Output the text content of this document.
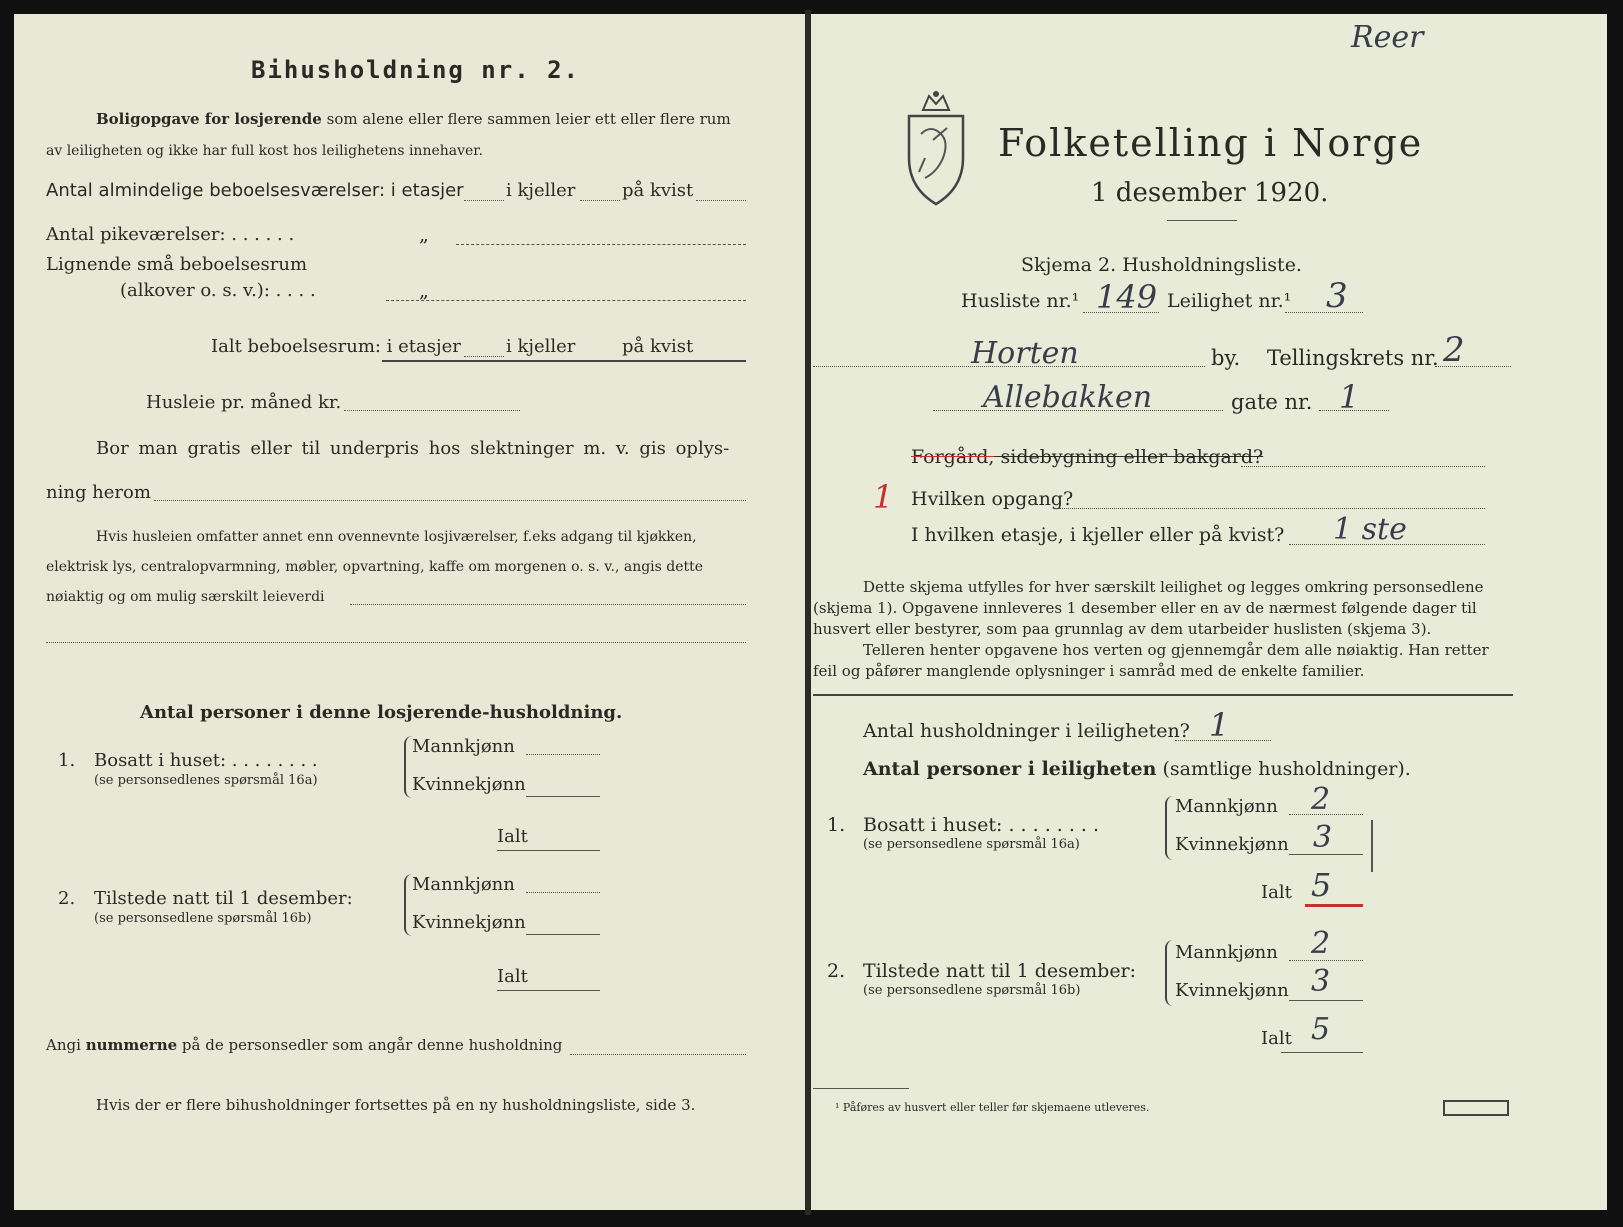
Bihusholdning nr. 2.
Boligopgave for losjerende som alene eller flere sammen leier ett eller flere rum
av leiligheten og ikke har full kost hos leilighetens innehaver.
Antal almindelige beboelsesværelser: i etasjer i kjeller	på kvist
Antal pikeværelser: . . . . . .	„
Lignende små beboelsesrum
(alkover o. s. v.): . . . .	„
Ialt beboelsesrum: i etasjer	i kjeller	på kvist
Husleie pr. måned kr.
Bor man gratis eller til underpris hos slektninger m. v. gis oplys-
ning herom
Hvis husleien omfatter annet enn ovennevnte losjiværelser, f.eks adgang til kjøkken,
elektrisk lys, centralopvarmning, møbler, opvartning, kaffe om morgenen o. s. v., angis dette
nøiaktig og om mulig særskilt leieverdi
Antal personer i denne losjerende-husholdning.
1. Bosatt i huset: . . . . . . . .
(se personsedlenes spørsmål 16a)
Mannkjønn
Kvinnekjønn
Ialt
2. Tilstede natt til 1 desember:
(se personsedlene spørsmål 16b)
Mannkjønn
Kvinnekjønn
Ialt
Angi nummerne på de personsedler som angår denne husholdning
Hvis der er flere bihusholdninger fortsettes på en ny husholdningsliste, side 3.
Reer
Folketelling i Norge
1 desember 1920.
Skjema 2. Husholdningsliste.
Husliste nr.¹ 149 Leilighet nr.¹ 3
Horten	by. Tellingskrets nr. 2
Allebakken	gate nr. 1
Forgård, sidebygning eller bakgard?
1 Hvilken opgang?
I hvilken etasje, i kjeller eller på kvist? 1 ste
Dette skjema utfylles for hver særskilt leilighet og legges omkring personsedlene
(skjema 1). Opgavene innleveres 1 desember eller en av de nærmest følgende dager til
husvert eller bestyrer, som paa grunnlag av dem utarbeider huslisten (skjema 3).
Telleren henter opgavene hos verten og gjennemgår dem alle nøiaktig. Han retter
feil og påfører manglende oplysninger i samråd med de enkelte familier.
Antal husholdninger i leiligheten? 1
Antal personer i leiligheten (samtlige husholdninger).
1. Bosatt i huset: . . . . . . . .
(se personsedlene spørsmål 16a)
Mannkjønn 2
Kvinnekjønn 3
Ialt 5
2. Tilstede natt til 1 desember:
(se personsedlene spørsmål 16b)
Mannkjønn 2
Kvinnekjønn 3
Ialt 5
¹ Påføres av husvert eller teller før skjemaene utleveres.
